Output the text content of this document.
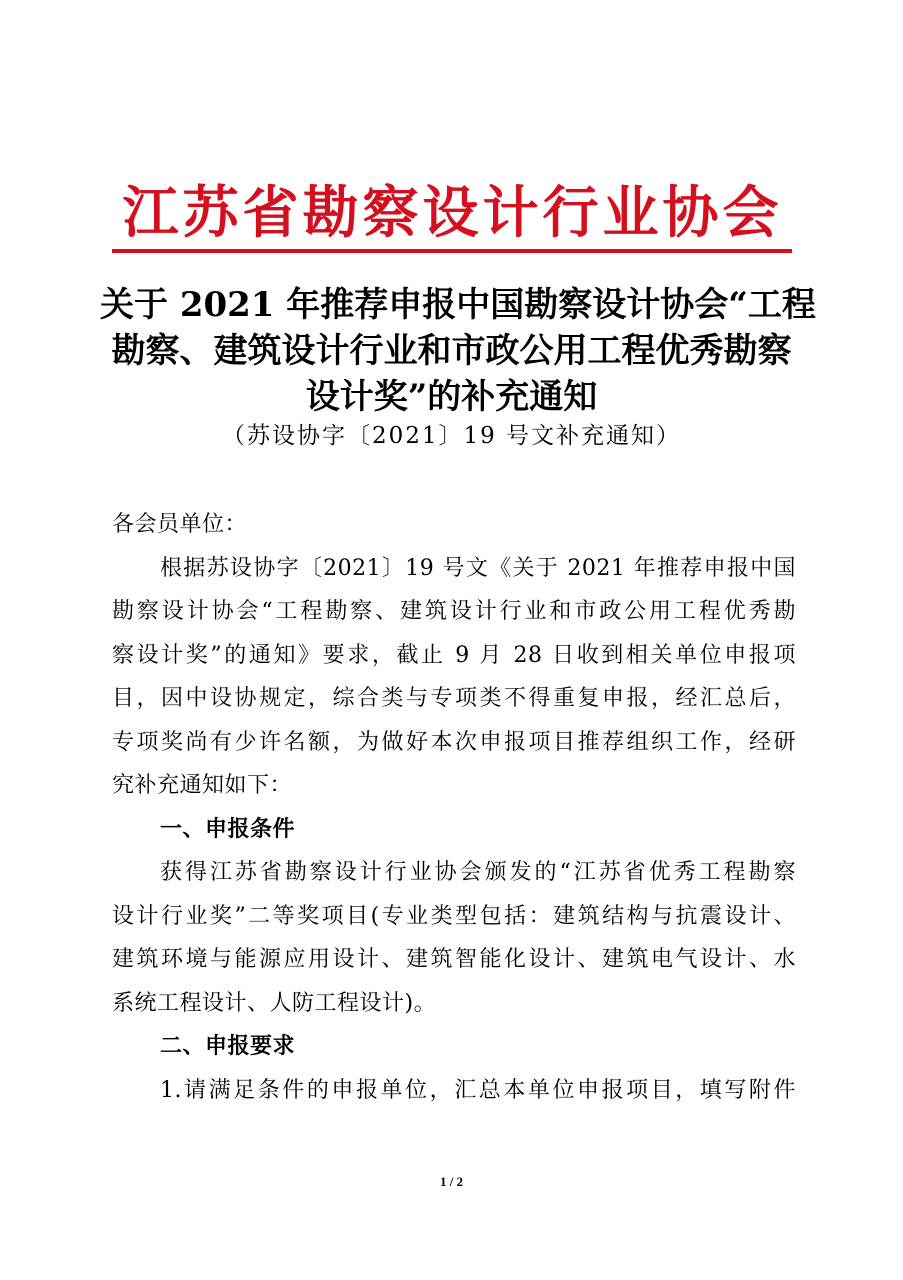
江苏省勘察设计行业协会
关于 2021 年推荐申报中国勘察设计协会“工程
勘察、建筑设计行业和市政公用工程优秀勘察
设计奖”的补充通知
（苏设协字〔2021〕19 号文补充通知）
各会员单位：
根据苏设协字〔2021〕19 号文《关于 2021 年推荐申报中国
勘察设计协会“工程勘察、建筑设计行业和市政公用工程优秀勘
察设计奖”的通知》要求，截止 9 月 28 日收到相关单位申报项
目，因中设协规定，综合类与专项类不得重复申报，经汇总后，
专项奖尚有少许名额，为做好本次申报项目推荐组织工作，经研
究补充通知如下：
一、申报条件
获得江苏省勘察设计行业协会颁发的“江苏省优秀工程勘察
设计行业奖”二等奖项目(专业类型包括：建筑结构与抗震设计、
建筑环境与能源应用设计、建筑智能化设计、建筑电气设计、水
系统工程设计、人防工程设计)。
二、申报要求
1.请满足条件的申报单位，汇总本单位申报项目，填写附件
1 / 2
